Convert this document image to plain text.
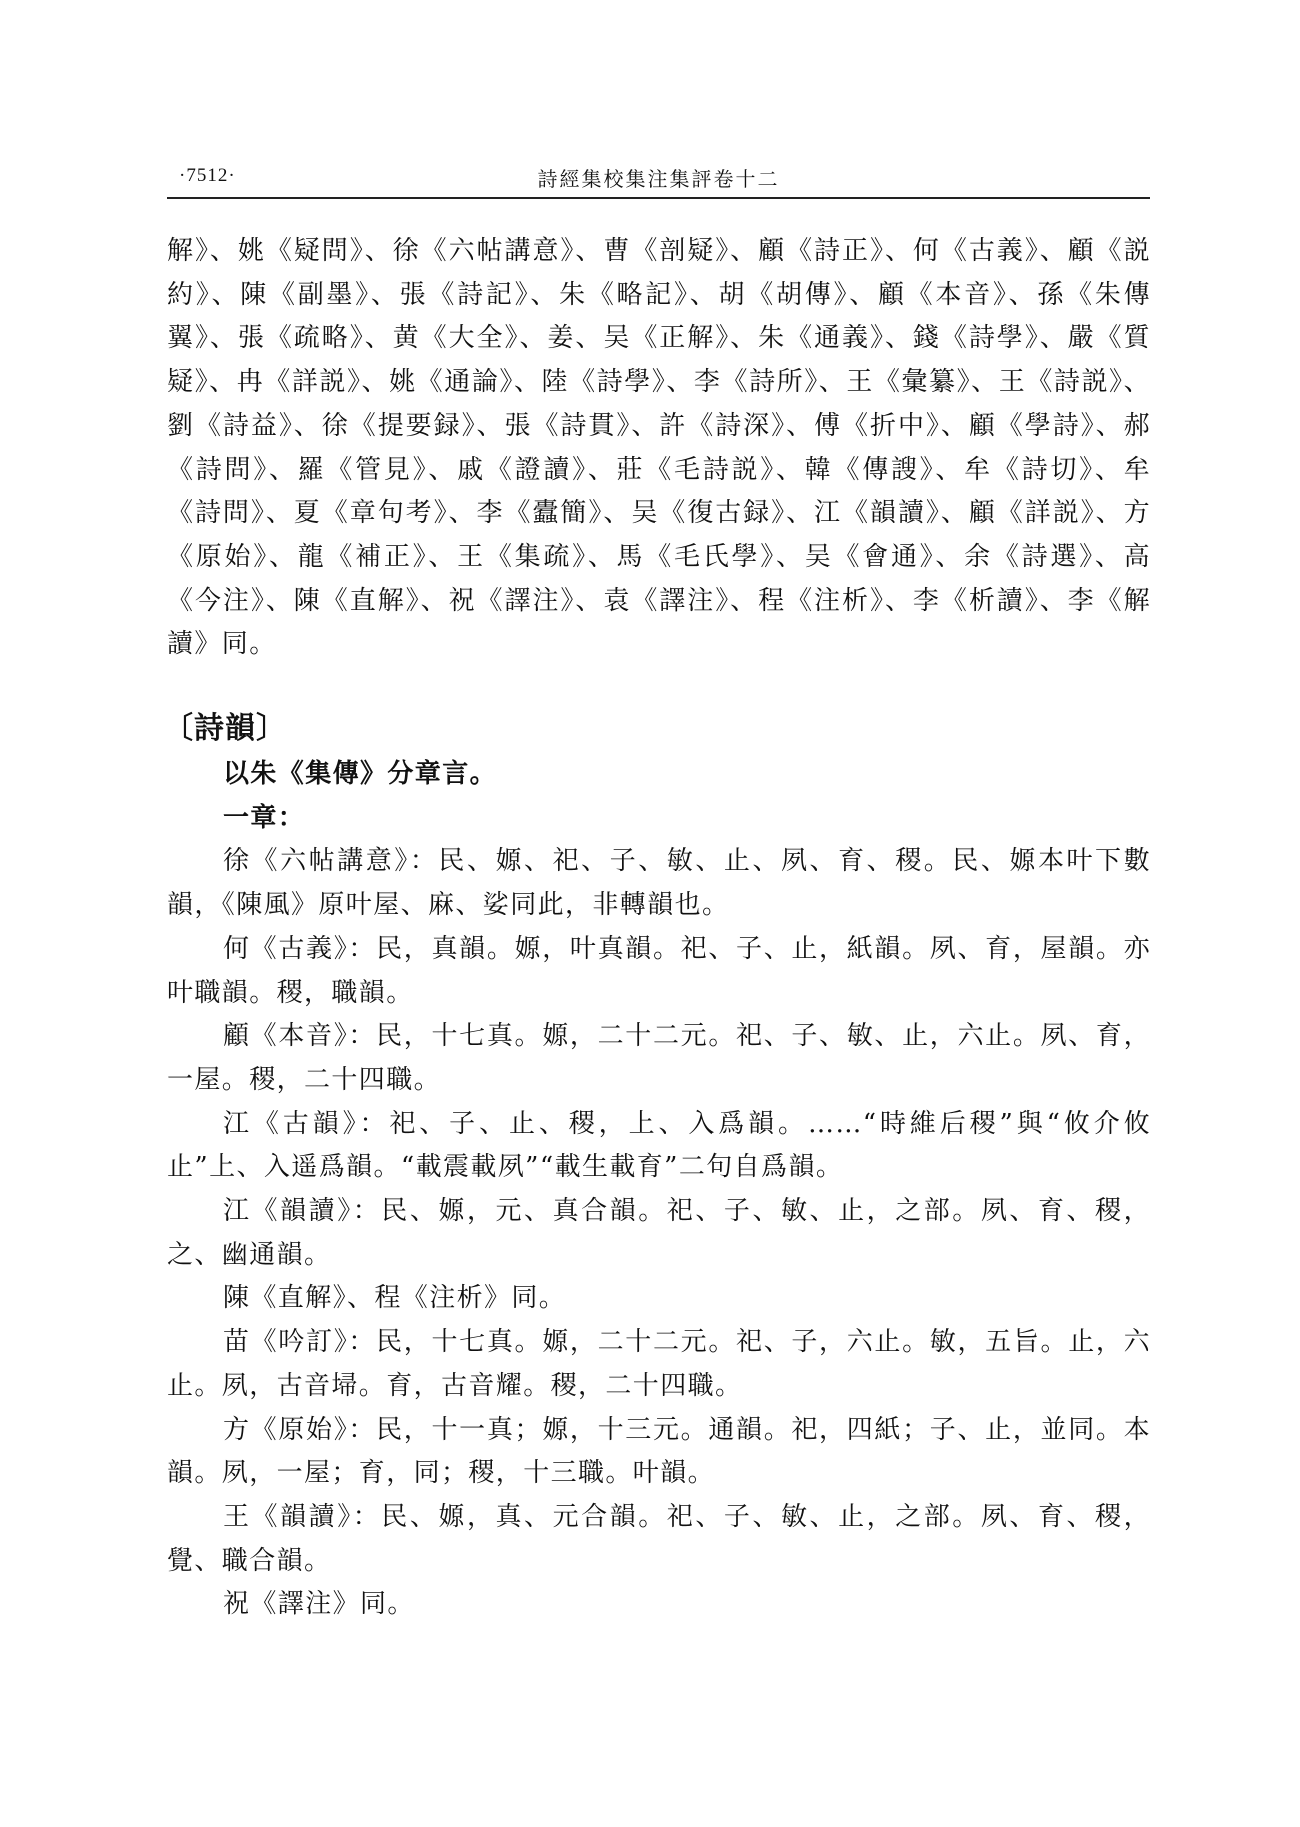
·7512·	詩經集校集注集評卷十二

解》、姚《疑問》、徐《六帖講意》、曹《剖疑》、顧《詩正》、何《古義》、顧《説約》、陳《副墨》、張《詩記》、朱《略記》、胡《胡傳》、顧《本音》、孫《朱傳翼》、張《疏略》、黄《大全》、姜、吴《正解》、朱《通義》、錢《詩學》、嚴《質疑》、冉《詳説》、姚《通論》、陸《詩學》、李《詩所》、王《彙纂》、王《詩説》、劉《詩益》、徐《提要録》、張《詩貫》、許《詩深》、傅《折中》、顧《學詩》、郝《詩問》、羅《管見》、戚《證讀》、莊《毛詩説》、韓《傳謏》、牟《詩切》、牟《詩問》、夏《章句考》、李《蠹簡》、吴《復古録》、江《韻讀》、顧《詳説》、方《原始》、龍《補正》、王《集疏》、馬《毛氏學》、吴《會通》、余《詩選》、高《今注》、陳《直解》、祝《譯注》、袁《譯注》、程《注析》、李《析讀》、李《解讀》同。

〔詩韻〕

以朱《集傳》分章言。

一章：

徐《六帖講意》：民、嫄、祀、子、敏、止、夙、育、稷。民、嫄本叶下數韻，《陳風》原叶屋、麻、娑同此，非轉韻也。

何《古義》：民，真韻。嫄，叶真韻。祀、子、止，紙韻。夙、育，屋韻。亦叶職韻。稷，職韻。

顧《本音》：民，十七真。嫄，二十二元。祀、子、敏、止，六止。夙、育，一屋。稷，二十四職。

江《古韻》：祀、子、止、稷，上、入爲韻。……“時維后稷”與“攸介攸止”上、入遥爲韻。“載震載夙”“載生載育”二句自爲韻。

江《韻讀》：民、嫄，元、真合韻。祀、子、敏、止，之部。夙、育、稷，之、幽通韻。

陳《直解》、程《注析》同。

苗《吟訂》：民，十七真。嫄，二十二元。祀、子，六止。敏，五旨。止，六止。夙，古音埽。育，古音耀。稷，二十四職。

方《原始》：民，十一真；嫄，十三元。通韻。祀，四紙；子、止，並同。本韻。夙，一屋；育，同；稷，十三職。叶韻。

王《韻讀》：民、嫄，真、元合韻。祀、子、敏、止，之部。夙、育、稷，覺、職合韻。

祝《譯注》同。
